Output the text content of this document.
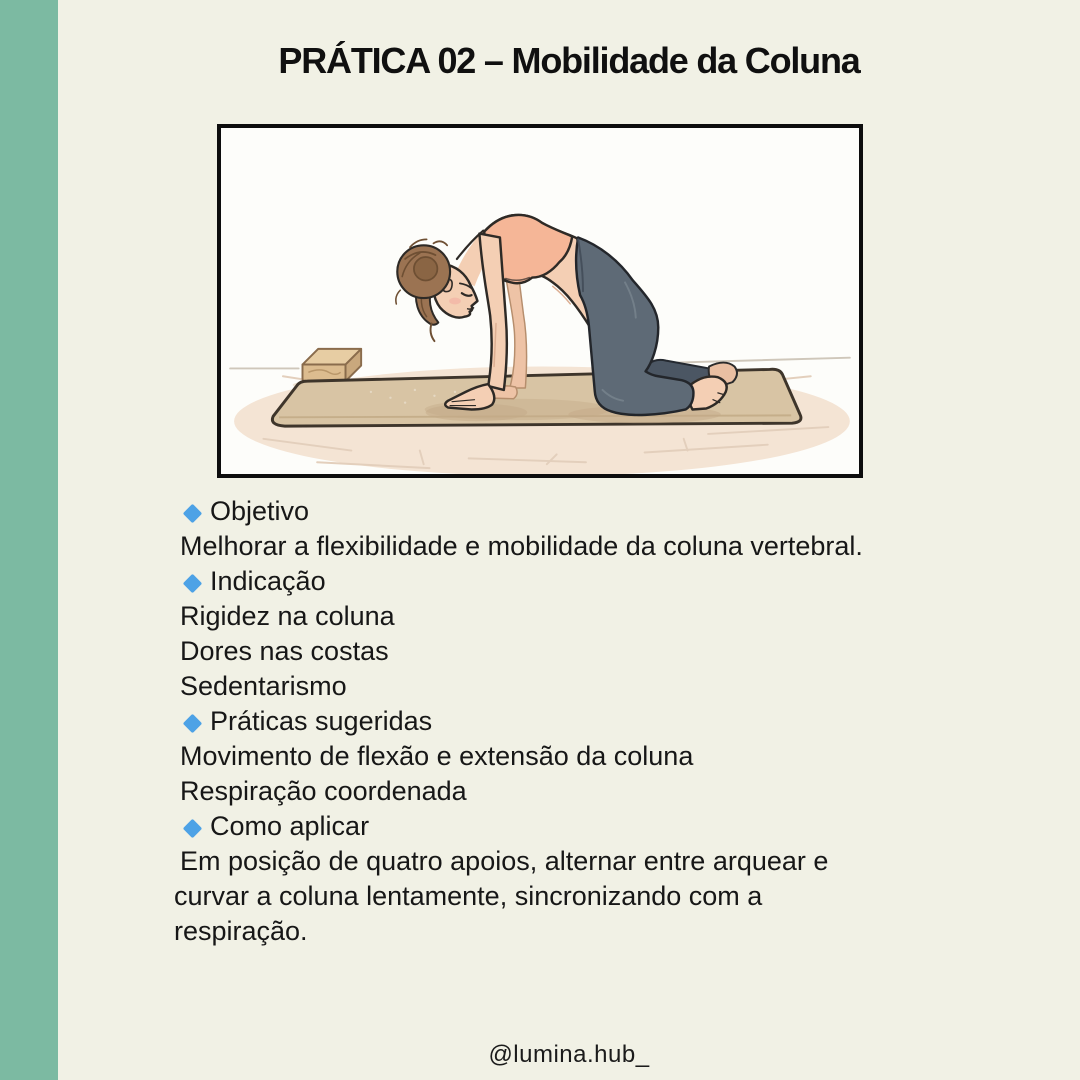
PRÁTICA 02 – Mobilidade da Coluna
Objetivo

Melhorar a flexibilidade e mobilidade da coluna vertebral.

Indicação

Rigidez na coluna

Dores nas costas

Sedentarismo

Práticas sugeridas

Movimento de flexão e extensão da coluna

Respiração coordenada

Como aplicar

Em posição de quatro apoios, alternar entre arquear e curvar a coluna lentamente, sincronizando com a respiração.

@lumina.hub_
